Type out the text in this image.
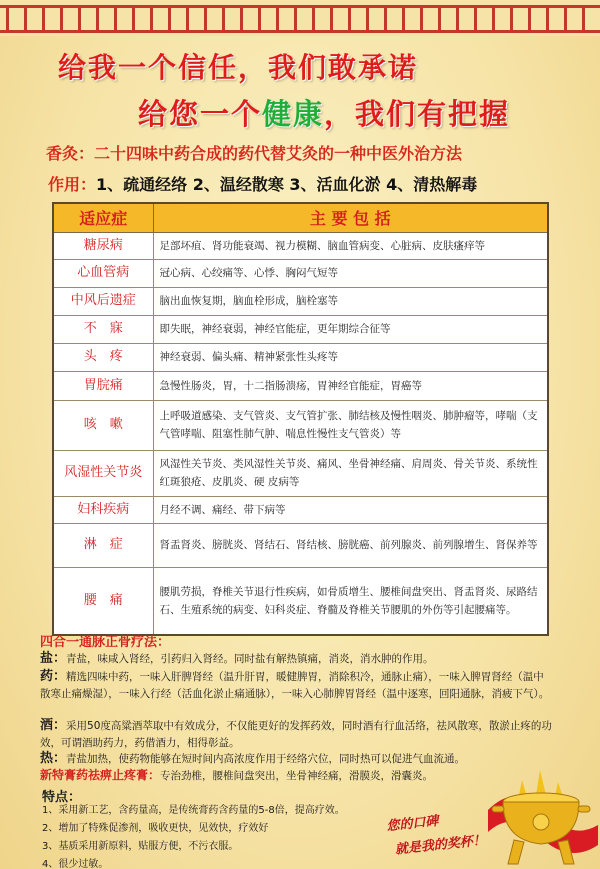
给我一个信任，我们敢承诺
给您一个健康，我们有把握
香灸：二十四味中药合成的药代替艾灸的一种中医外治方法
作用：1、疏通经络 2、温经散寒 3、活血化淤 4、清热解毒
适应症	主 要 包 括
糖尿病	足部坏疽、肾功能衰竭、视力模糊、脑血管病变、心脏病、皮肤瘙痒等
心血管病	冠心病、心绞痛等、心悸、胸闷气短等
中风后遗症	脑出血恢复期，脑血栓形成，脑栓塞等
不　寐	即失眠，神经衰弱，神经官能症，更年期综合征等
头　疼	神经衰弱、偏头痛、精神紧张性头疼等
胃脘痛	急慢性肠炎，胃，十二指肠溃疡，胃神经官能症，胃癌等
咳　嗽	上呼吸道感染、支气管炎、支气管扩张、肺结核及慢性咽炎、肺肿瘤等，哮喘（支气管哮喘、阻塞性肺气肿、喘息性慢性支气管炎）等
风湿性关节炎	风湿性关节炎、类风湿性关节炎、痛风、坐骨神经痛、肩周炎、骨关节炎、系统性红斑狼疮、皮肌炎、硬 皮病等
妇科疾病	月经不调、痛经、带下病等
淋　症	肾盂肾炎、膀胱炎、肾结石、肾结核、膀胱癌、前列腺炎、前列腺增生、肾保养等
腰　痛	腰肌劳损，脊椎关节退行性疾病，如骨质增生、腰椎间盘突出、肾盂肾炎、尿路结石、生殖系统的病变、妇科炎症、脊髓及脊椎关节腰肌的外伤等引起腰痛等。
四合一通脉正骨疗法：
盐：青盐，味咸入肾经，引药归入肾经。同时盐有解热镇痛，消炎，消水肿的作用。
药：精选四味中药，一味入肝脾肾经（温升肝胃，暖健脾胃，消除积冷，通脉止痛），一味入脾胃肾经（温中散寒止痛燥湿），一味入行经（活血化淤止痛通脉），一味入心肺脾胃肾经（温中逐寒，回阳通脉，消疲下气）。
酒：采用50度高粱酒萃取中有效成分，不仅能更好的发挥药效，同时酒有行血活络，祛风散寒，散淤止疼的功效，可谓酒助药力，药借酒力，相得彰益。
热：青盐加热，使药物能够在短时间内高浓度作用于经络穴位，同时热可以促进气血流通。
新特膏药祛痹止疼膏：专治劲椎，腰椎间盘突出，坐骨神经痛，滑膜炎，滑囊炎。
特点：
1、采用新工艺，含药量高，是传统膏药含药量的5-8倍，提高疗效。
2、增加了特殊促渗剂，吸收更快，见效快，疗效好
3、基质采用新原料，贴服方便，不污衣服。
4、很少过敏。
您的口碑
就是我的奖杯！
